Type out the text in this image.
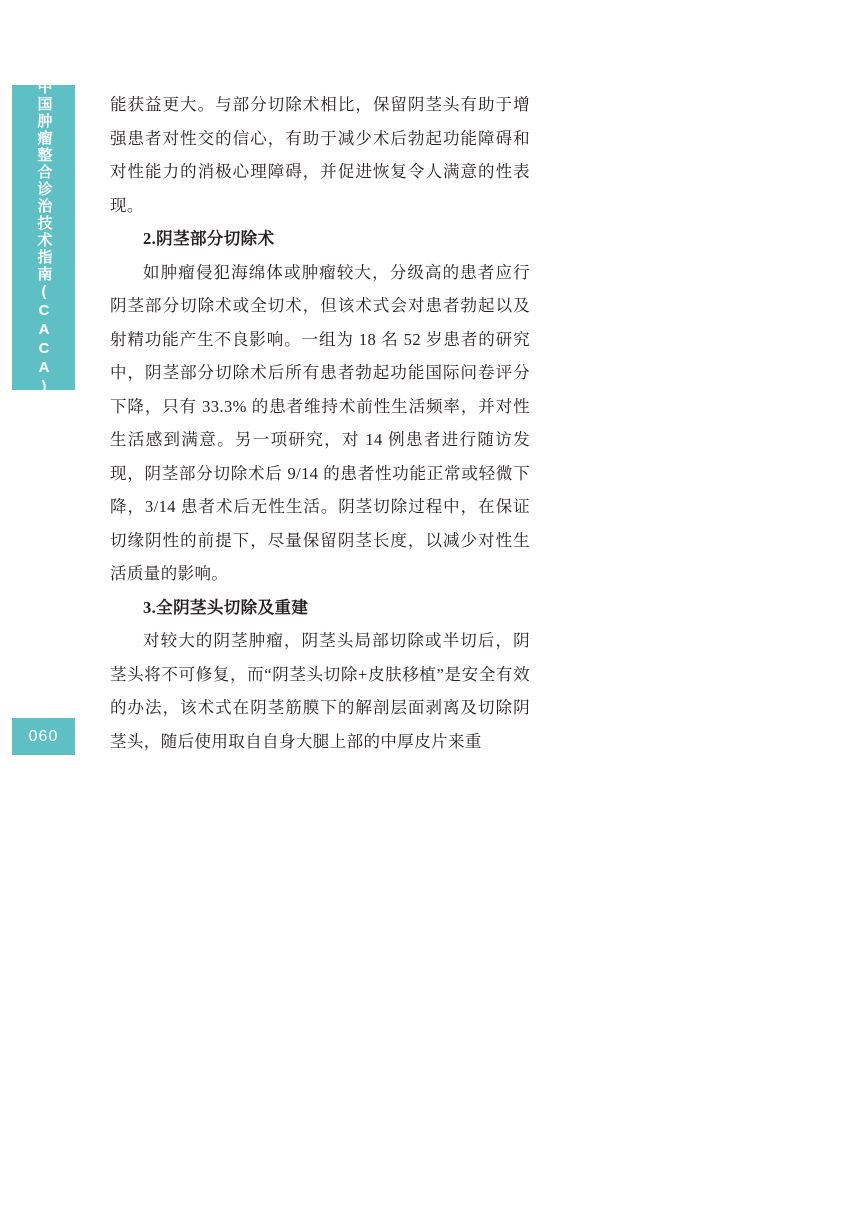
中国肿瘤整合诊治技术指南(CACA)
060

能获益更大。与部分切除术相比，保留阴茎头有助于增强患者对性交的信心，有助于减少术后勃起功能障碍和对性能力的消极心理障碍，并促进恢复令人满意的性表现。

2.阴茎部分切除术

如肿瘤侵犯海绵体或肿瘤较大，分级高的患者应行阴茎部分切除术或全切术，但该术式会对患者勃起以及射精功能产生不良影响。一组为 18 名 52 岁患者的研究中，阴茎部分切除术后所有患者勃起功能国际问卷评分下降，只有 33.3% 的患者维持术前性生活频率，并对性生活感到满意。另一项研究，对 14 例患者进行随访发现，阴茎部分切除术后 9/14 的患者性功能正常或轻微下降，3/14 患者术后无性生活。阴茎切除过程中，在保证切缘阴性的前提下，尽量保留阴茎长度，以减少对性生活质量的影响。

3.全阴茎头切除及重建

对较大的阴茎肿瘤，阴茎头局部切除或半切后，阴茎头将不可修复，而“阴茎头切除+皮肤移植”是安全有效的办法，该术式在阴茎筋膜下的解剖层面剥离及切除阴茎头，随后使用取自自身大腿上部的中厚皮片来重
